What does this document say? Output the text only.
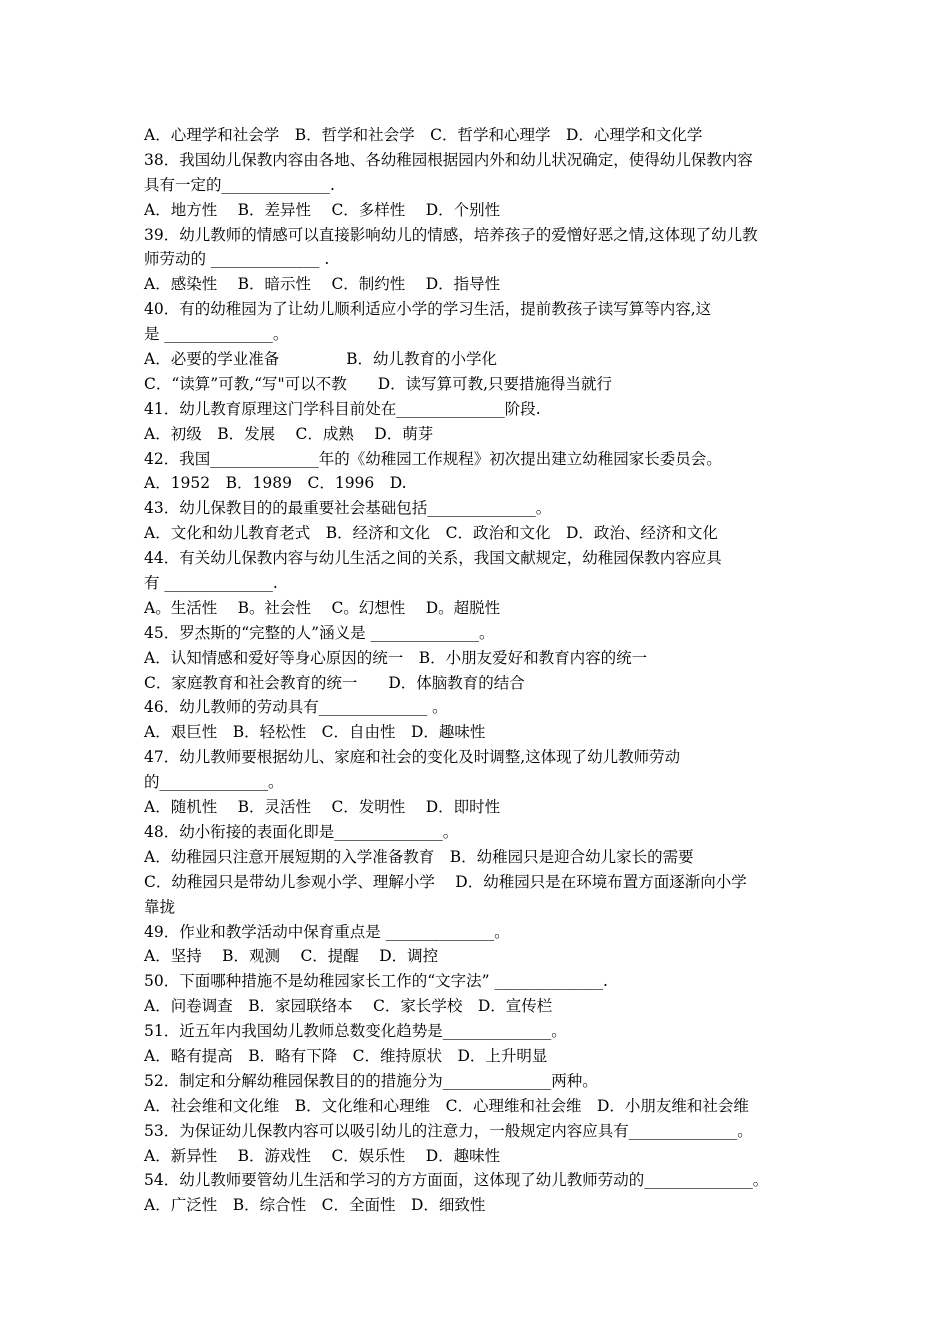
A．心理学和社会学　B．哲学和社会学　C．哲学和心理学　D．心理学和文化学
38．我国幼儿保教内容由各地、各幼稚园根据园内外和幼儿状况确定，使得幼儿保教内容
具有一定的______________.
A．地方性　 B．差异性　 C．多样性　 D．个别性
39．幼儿教师的情感可以直接影响幼儿的情感，培养孩子的爱憎好恶之情,这体现了幼儿教
师劳动的 ______________ .
A．感染性　 B．暗示性　 C．制约性　 D．指导性
40．有的幼稚园为了让幼儿顺利适应小学的学习生活，提前教孩子读写算等内容,这
是 ______________。
A．必要的学业准备　　　　 B．幼儿教育的小学化
C．“读算”可教,“写"可以不教　　D．读写算可教,只要措施得当就行
41．幼儿教育原理这门学科目前处在______________阶段.
A．初级　B．发展　 C．成熟　 D．萌芽
42．我国______________年的《幼稚园工作规程》初次提出建立幼稚园家长委员会。
A．1952　B．1989　C．1996　D.
43．幼儿保教目的的最重要社会基础包括______________。
A．文化和幼儿教育老式　B．经济和文化　C．政治和文化　D．政治、经济和文化
44．有关幼儿保教内容与幼儿生活之间的关系，我国文献规定，幼稚园保教内容应具
有 ______________.
A。生活性　 B。社会性　 C。幻想性　 D。超脱性
45．罗杰斯的“完整的人”涵义是 ______________。
A．认知情感和爱好等身心原因的统一　B．小朋友爱好和教育内容的统一
C．家庭教育和社会教育的统一　　D．体脑教育的结合
46．幼儿教师的劳动具有______________ 。
A．艰巨性　B．轻松性　C．自由性　D．趣味性
47．幼儿教师要根据幼儿、家庭和社会的变化及时调整,这体现了幼儿教师劳动
的______________。
A．随机性　 B．灵活性　 C．发明性　 D．即时性
48．幼小衔接的表面化即是______________。
A．幼稚园只注意开展短期的入学准备教育　B．幼稚园只是迎合幼儿家长的需要
C．幼稚园只是带幼儿参观小学、理解小学　 D．幼稚园只是在环境布置方面逐渐向小学
靠拢
49．作业和教学活动中保育重点是 ______________。
A．坚持　 B．观测　 C．提醒　 D．调控
50．下面哪种措施不是幼稚园家长工作的“文字法” ______________.
A．问卷调查　B．家园联络本　 C．家长学校　D．宣传栏
51．近五年内我国幼儿教师总数变化趋势是______________。
A．略有提高　B．略有下降　C．维持原状　D．上升明显
52．制定和分解幼稚园保教目的的措施分为______________两种。
A．社会维和文化维　B．文化维和心理维　C．心理维和社会维　D．小朋友维和社会维
53．为保证幼儿保教内容可以吸引幼儿的注意力，一般规定内容应具有______________。
A．新异性　 B．游戏性　 C．娱乐性　 D．趣味性
54．幼儿教师要管幼儿生活和学习的方方面面，这体现了幼儿教师劳动的______________。
A．广泛性　B．综合性　C．全面性　D．细致性
